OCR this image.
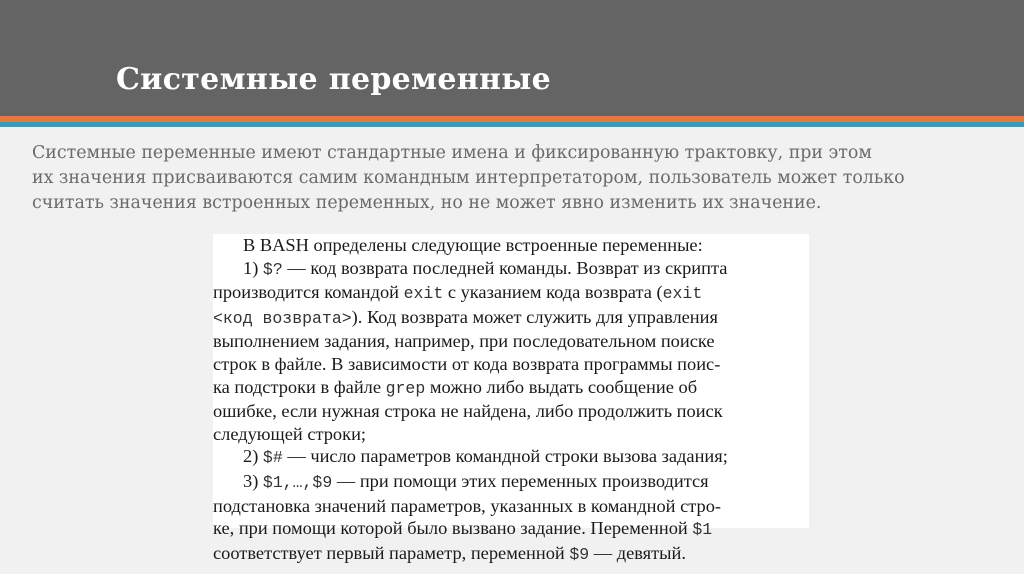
Системные переменные
Системные переменные имеют стандартные имена и фиксированную трактовку, при этом
их значения присваиваются самим командным интерпретатором, пользователь может только
считать значения встроенных переменных, но не может явно изменить их значение.
В BASH определены следующие встроенные переменные:
1) $? — код возврата последней команды. Возврат из скрипта
производится командой exit с указанием кода возврата (exit
<код возврата>). Код возврата может служить для управления
выполнением задания, например, при последовательном поиске
строк в файле. В зависимости от кода возврата программы поис-
ка подстроки в файле grep можно либо выдать сообщение об
ошибке, если нужная строка не найдена, либо продолжить поиск
следующей строки;
2) $# — число параметров командной строки вызова задания;
3) $1,…,$9 — при помощи этих переменных производится
подстановка значений параметров, указанных в командной стро-
ке, при помощи которой было вызвано задание. Переменной $1
соответствует первый параметр, переменной $9 — девятый.
